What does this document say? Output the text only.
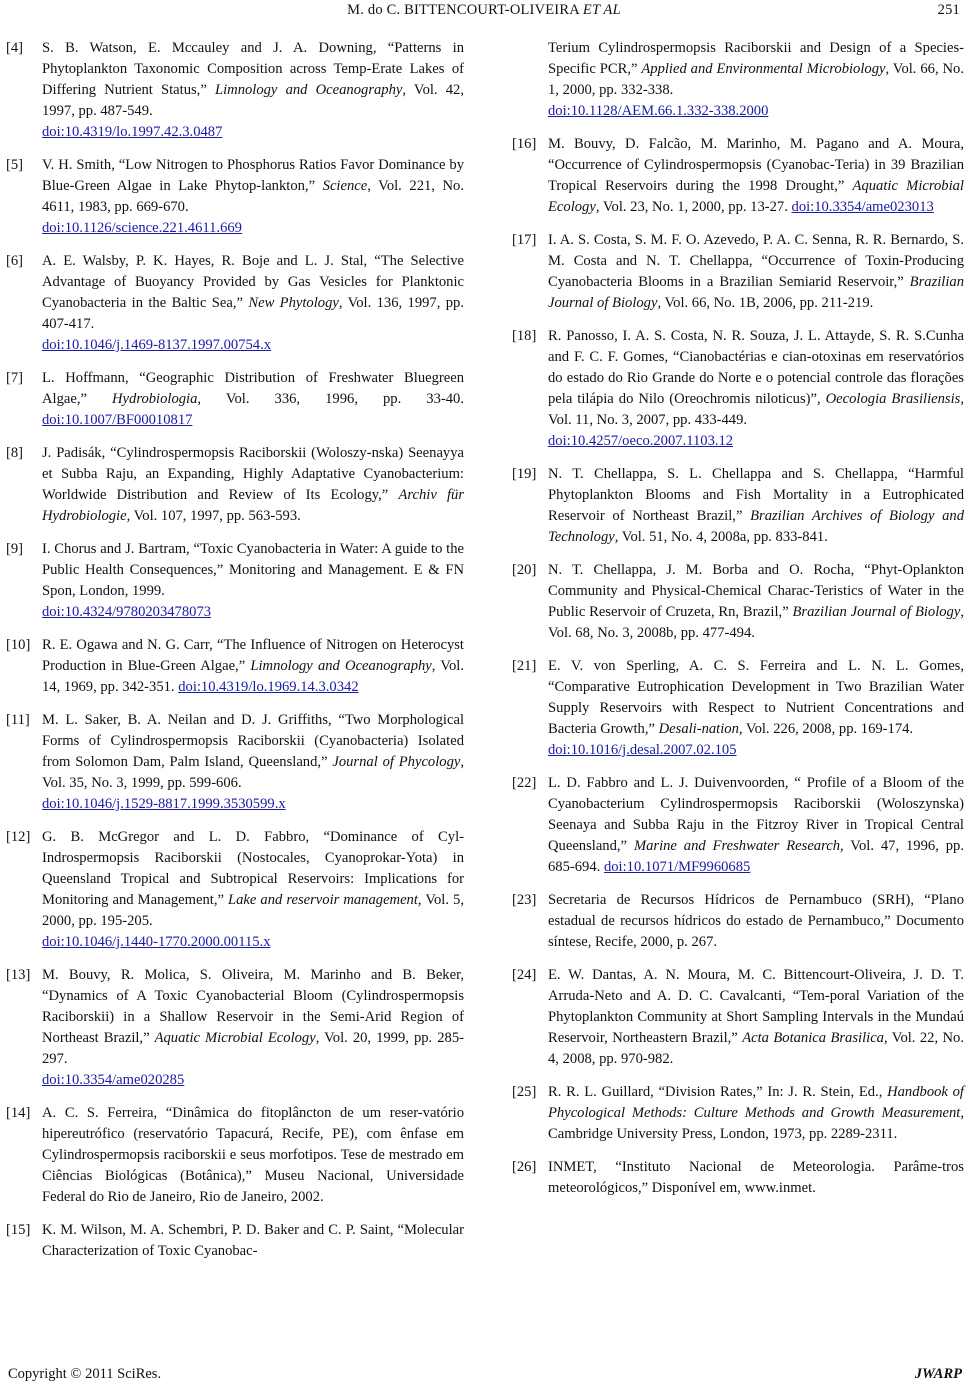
M. do C. BITTENCOURT-OLIVEIRA ET AL	251
[4] S. B. Watson, E. Mccauley and J. A. Downing, “Patterns in Phytoplankton Taxonomic Composition across Temp-Erate Lakes of Differing Nutrient Status,” Limnology and Oceanography, Vol. 42, 1997, pp. 487-549.
doi:10.4319/lo.1997.42.3.0487
[5] V. H. Smith, “Low Nitrogen to Phosphorus Ratios Favor Dominance by Blue-Green Algae in Lake Phytop-lankton,” Science, Vol. 221, No. 4611, 1983, pp. 669-670.
doi:10.1126/science.221.4611.669
[6] A. E. Walsby, P. K. Hayes, R. Boje and L. J. Stal, “The Selective Advantage of Buoyancy Provided by Gas Vesicles for Planktonic Cyanobacteria in the Baltic Sea,” New Phytology, Vol. 136, 1997, pp. 407-417.
doi:10.1046/j.1469-8137.1997.00754.x
[7] L. Hoffmann, “Geographic Distribution of Freshwater Bluegreen Algae,” Hydrobiologia, Vol. 336, 1996, pp. 33-40. doi:10.1007/BF00010817
[8] J. Padisák, “Cylindrospermopsis Raciborskii (Woloszy-nska) Seenayya et Subba Raju, an Expanding, Highly Adaptative Cyanobacterium: Worldwide Distribution and Review of Its Ecology,” Archiv für Hydrobiologie, Vol. 107, 1997, pp. 563-593.
[9] I. Chorus and J. Bartram, “Toxic Cyanobacteria in Water: A guide to the Public Health Consequences,” Monitoring and Management. E & FN Spon, London, 1999.
doi:10.4324/9780203478073
[10] R. E. Ogawa and N. G. Carr, “The Influence of Nitrogen on Heterocyst Production in Blue-Green Algae,” Limnology and Oceanography, Vol. 14, 1969, pp. 342-351. doi:10.4319/lo.1969.14.3.0342
[11] M. L. Saker, B. A. Neilan and D. J. Griffiths, “Two Morphological Forms of Cylindrospermopsis Raciborskii (Cyanobacteria) Isolated from Solomon Dam, Palm Island, Queensland,” Journal of Phycology, Vol. 35, No. 3, 1999, pp. 599-606.
doi:10.1046/j.1529-8817.1999.3530599.x
[12] G. B. McGregor and L. D. Fabbro, “Dominance of Cyl-Indrospermopsis Raciborskii (Nostocales, Cyanoprokar-Yota) in Queensland Tropical and Subtropical Reservoirs: Implications for Monitoring and Management,” Lake and reservoir management, Vol. 5, 2000, pp. 195-205.
doi:10.1046/j.1440-1770.2000.00115.x
[13] M. Bouvy, R. Molica, S. Oliveira, M. Marinho and B. Beker, “Dynamics of A Toxic Cyanobacterial Bloom (Cylindrospermopsis Raciborskii) in a Shallow Reservoir in the Semi-Arid Region of Northeast Brazil,” Aquatic Microbial Ecology, Vol. 20, 1999, pp. 285-297.
doi:10.3354/ame020285
[14] A. C. S. Ferreira, “Dinâmica do fitoplâncton de um reser-vatório hipereutrófico (reservatório Tapacurá, Recife, PE), com ênfase em Cylindrospermopsis raciborskii e seus morfotipos. Tese de mestrado em Ciências Biológicas (Botânica),” Museu Nacional, Universidade Federal do Rio de Janeiro, Rio de Janeiro, 2002.
[15] K. M. Wilson, M. A. Schembri, P. D. Baker and C. P. Saint, “Molecular Characterization of Toxic Cyanobac-
Terium Cylindrospermopsis Raciborskii and Design of a Species-Specific PCR,” Applied and Environmental Microbiology, Vol. 66, No. 1, 2000, pp. 332-338.
doi:10.1128/AEM.66.1.332-338.2000
[16] M. Bouvy, D. Falcão, M. Marinho, M. Pagano and A. Moura, “Occurrence of Cylindrospermopsis (Cyanobac-Teria) in 39 Brazilian Tropical Reservoirs during the 1998 Drought,” Aquatic Microbial Ecology, Vol. 23, No. 1, 2000, pp. 13-27. doi:10.3354/ame023013
[17] I. A. S. Costa, S. M. F. O. Azevedo, P. A. C. Senna, R. R. Bernardo, S. M. Costa and N. T. Chellappa, “Occurrence of Toxin-Producing Cyanobacteria Blooms in a Brazilian Semiarid Reservoir,” Brazilian Journal of Biology, Vol. 66, No. 1B, 2006, pp. 211-219.
[18] R. Panosso, I. A. S. Costa, N. R. Souza, J. L. Attayde, S. R. S.Cunha and F. C. F. Gomes, “Cianobactérias e cian-otoxinas em reservatórios do estado do Rio Grande do Norte e o potencial controle das florações pela tilápia do Nilo (Oreochromis niloticus)”, Oecologia Brasiliensis, Vol. 11, No. 3, 2007, pp. 433-449.
doi:10.4257/oeco.2007.1103.12
[19] N. T. Chellappa, S. L. Chellappa and S. Chellappa, “Harmful Phytoplankton Blooms and Fish Mortality in a Eutrophicated Reservoir of Northeast Brazil,” Brazilian Archives of Biology and Technology, Vol. 51, No. 4, 2008a, pp. 833-841.
[20] N. T. Chellappa, J. M. Borba and O. Rocha, “Phyt-Oplankton Community and Physical-Chemical Charac-Teristics of Water in the Public Reservoir of Cruzeta, Rn, Brazil,” Brazilian Journal of Biology, Vol. 68, No. 3, 2008b, pp. 477-494.
[21] E. V. von Sperling, A. C. S. Ferreira and L. N. L. Gomes, “Comparative Eutrophication Development in Two Brazilian Water Supply Reservoirs with Respect to Nutrient Concentrations and Bacteria Growth,” Desali-nation, Vol. 226, 2008, pp. 169-174.
doi:10.1016/j.desal.2007.02.105
[22] L. D. Fabbro and L. J. Duivenvoorden, “ Profile of a Bloom of the Cyanobacterium Cylindrospermopsis Raciborskii (Woloszynska) Seenaya and Subba Raju in the Fitzroy River in Tropical Central Queensland,” Marine and Freshwater Research, Vol. 47, 1996, pp. 685-694. doi:10.1071/MF9960685
[23] Secretaria de Recursos Hídricos de Pernambuco (SRH), “Plano estadual de recursos hídricos do estado de Pernambuco,” Documento síntese, Recife, 2000, p. 267.
[24] E. W. Dantas, A. N. Moura, M. C. Bittencourt-Oliveira, J. D. T. Arruda-Neto and A. D. C. Cavalcanti, “Tem-poral Variation of the Phytoplankton Community at Short Sampling Intervals in the Mundaú Reservoir, Northeastern Brazil,” Acta Botanica Brasilica, Vol. 22, No. 4, 2008, pp. 970-982.
[25] R. R. L. Guillard, “Division Rates,” In: J. R. Stein, Ed., Handbook of Phycological Methods: Culture Methods and Growth Measurement, Cambridge University Press, London, 1973, pp. 2289-2311.
[26] INMET, “Instituto Nacional de Meteorologia. Parâme-tros meteorológicos,” Disponível em, www.inmet.
Copyright © 2011 SciRes.	JWARP
